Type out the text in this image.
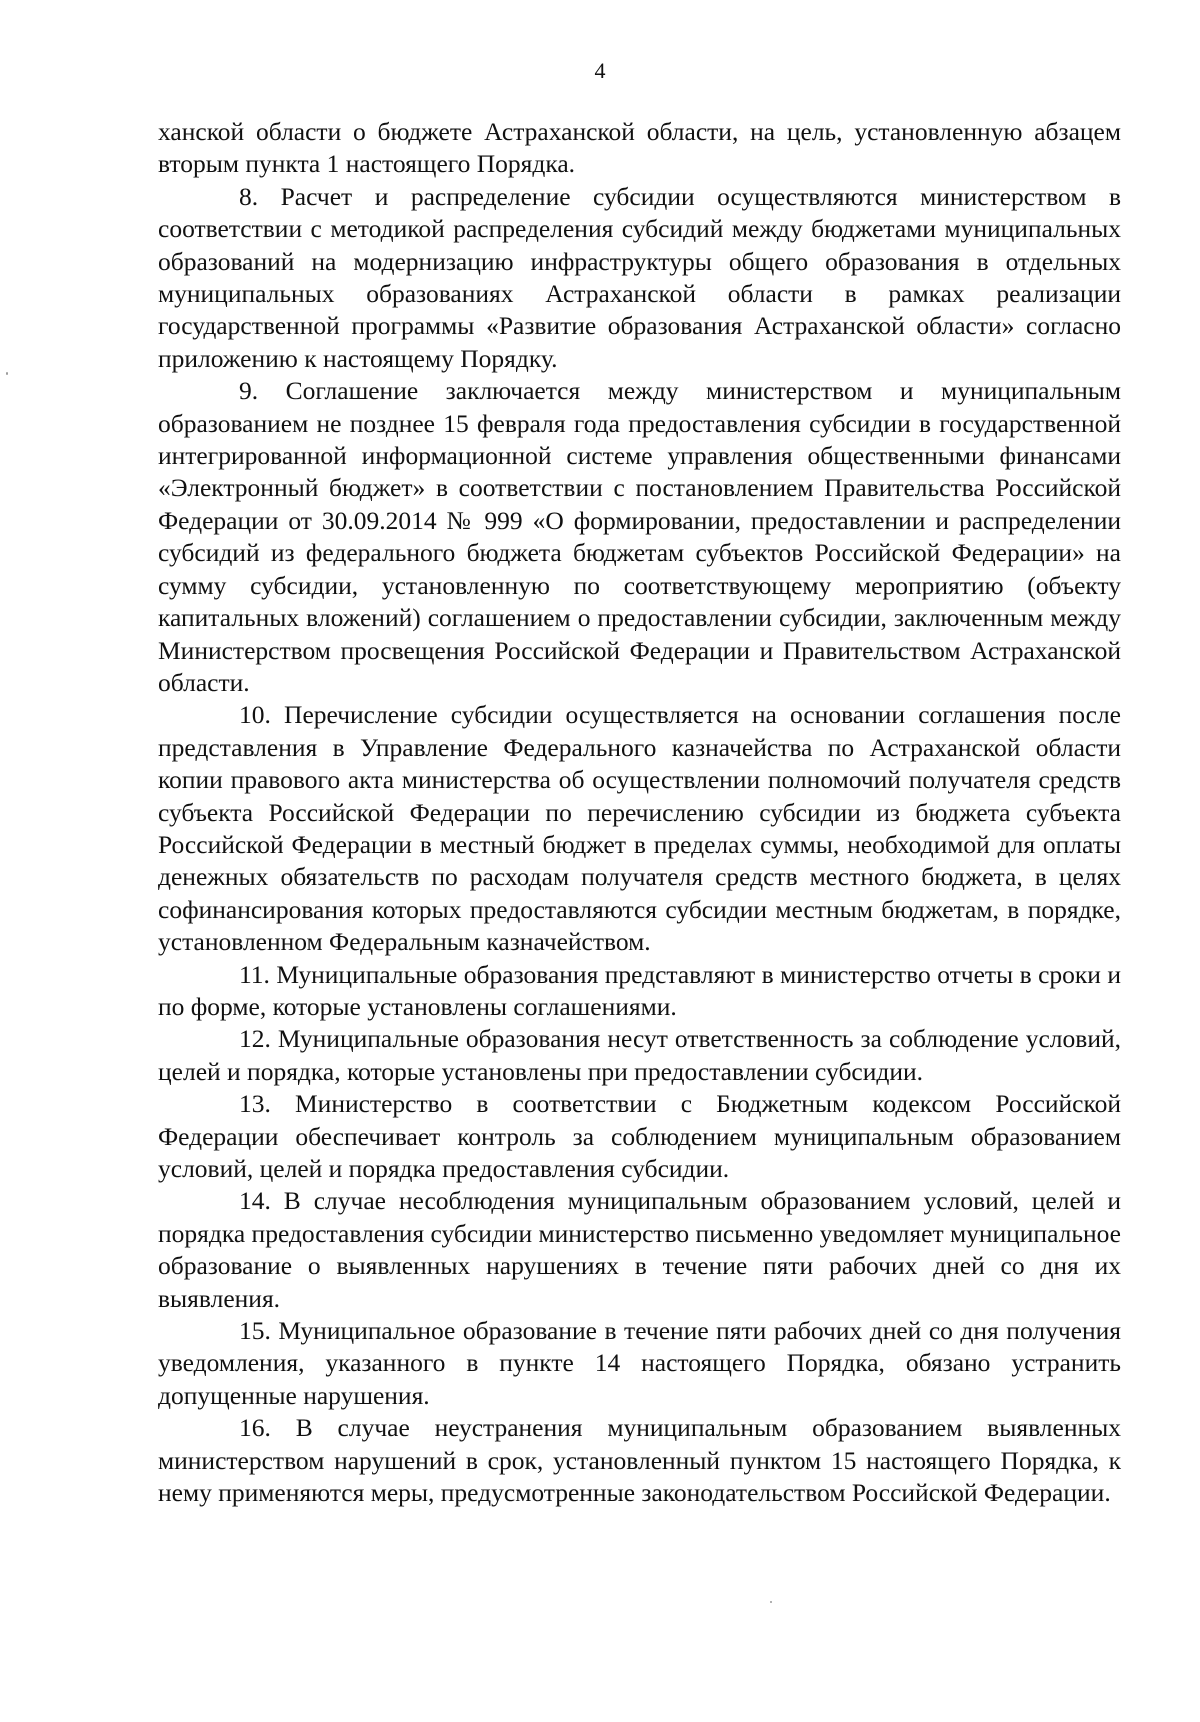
4

ханской области о бюджете Астраханской области, на цель, установленную абзацем вторым пункта 1 настоящего Порядка.

8. Расчет и распределение субсидии осуществляются министерством в соответствии с методикой распределения субсидий между бюджетами муниципальных образований на модернизацию инфраструктуры общего образования в отдельных муниципальных образованиях Астраханской области в рамках реализации государственной программы «Развитие образования Астраханской области» согласно приложению к настоящему Порядку.

9. Соглашение заключается между министерством и муниципальным образованием не позднее 15 февраля года предоставления субсидии в государственной интегрированной информационной системе управления общественными финансами «Электронный бюджет» в соответствии с постановлением Правительства Российской Федерации от 30.09.2014 № 999 «О формировании, предоставлении и распределении субсидий из федерального бюджета бюджетам субъектов Российской Федерации» на сумму субсидии, установленную по соответствующему мероприятию (объекту капитальных вложений) соглашением о предоставлении субсидии, заключенным между Министерством просвещения Российской Федерации и Правительством Астраханской области.

10. Перечисление субсидии осуществляется на основании соглашения после представления в Управление Федерального казначейства по Астраханской области копии правового акта министерства об осуществлении полномочий получателя средств субъекта Российской Федерации по перечислению субсидии из бюджета субъекта Российской Федерации в местный бюджет в пределах суммы, необходимой для оплаты денежных обязательств по расходам получателя средств местного бюджета, в целях софинансирования которых предоставляются субсидии местным бюджетам, в порядке, установленном Федеральным казначейством.

11. Муниципальные образования представляют в министерство отчеты в сроки и по форме, которые установлены соглашениями.

12. Муниципальные образования несут ответственность за соблюдение условий, целей и порядка, которые установлены при предоставлении субсидии.

13. Министерство в соответствии с Бюджетным кодексом Российской Федерации обеспечивает контроль за соблюдением муниципальным образованием условий, целей и порядка предоставления субсидии.

14. В случае несоблюдения муниципальным образованием условий, целей и порядка предоставления субсидии министерство письменно уведомляет муниципальное образование о выявленных нарушениях в течение пяти рабочих дней со дня их выявления.

15. Муниципальное образование в течение пяти рабочих дней со дня получения уведомления, указанного в пункте 14 настоящего Порядка, обязано устранить допущенные нарушения.

16. В случае неустранения муниципальным образованием выявленных министерством нарушений в срок, установленный пунктом 15 настоящего Порядка, к нему применяются меры, предусмотренные законодательством Российской Федерации.
